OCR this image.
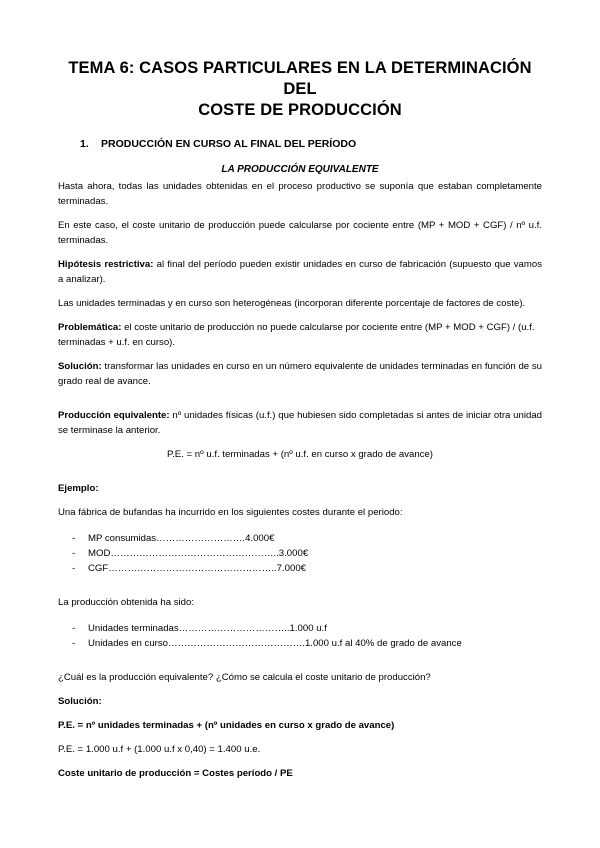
TEMA 6: CASOS PARTICULARES EN LA DETERMINACIÓN DEL
COSTE DE PRODUCCIÓN
1. PRODUCCIÓN EN CURSO AL FINAL DEL PERÍODO
LA PRODUCCIÓN EQUIVALENTE

Hasta ahora, todas las unidades obtenidas en el proceso productivo se suponía que estaban completamente terminadas.

En este caso, el coste unitario de producción puede calcularse por cociente entre (MP + MOD + CGF) / nº u.f. terminadas.

Hipótesis restrictiva: al final del período pueden existir unidades en curso de fabricación (supuesto que vamos a analizar).

Las unidades terminadas y en curso son heterogéneas (incorporan diferente porcentaje de factores de coste).

Problemática: el coste unitario de producción no puede calcularse por cociente entre (MP + MOD + CGF) / (u.f. terminadas + u.f. en curso).

Solución: transformar las unidades en curso en un número equivalente de unidades terminadas en función de su grado real de avance.

Producción equivalente: nº unidades físicas (u.f.) que hubiesen sido completadas si antes de iniciar otra unidad se terminase la anterior.

P.E. = nº u.f. terminadas + (nº u.f. en curso x grado de avance)

Ejemplo:

Una fábrica de bufandas ha incurrido en los siguientes costes durante el periodo:

- MP consumidas……………………….4.000€
- MOD……………………………………………..3.000€
- CGF……………………………………………..7.000€

La producción obtenida ha sido:

- Unidades terminadas……………………………..1.000 u.f
- Unidades en curso…………………………………….1.000 u.f al 40% de grado de avance

¿Cuál es la producción equivalente? ¿Cómo se calcula el coste unitario de producción?

Solución:

P.E. = nº unidades terminadas + (nº unidades en curso x grado de avance)

P.E. = 1.000 u.f + (1.000 u.f x 0,40) = 1.400 u.e.

Coste unitario de producción = Costes período / PE
